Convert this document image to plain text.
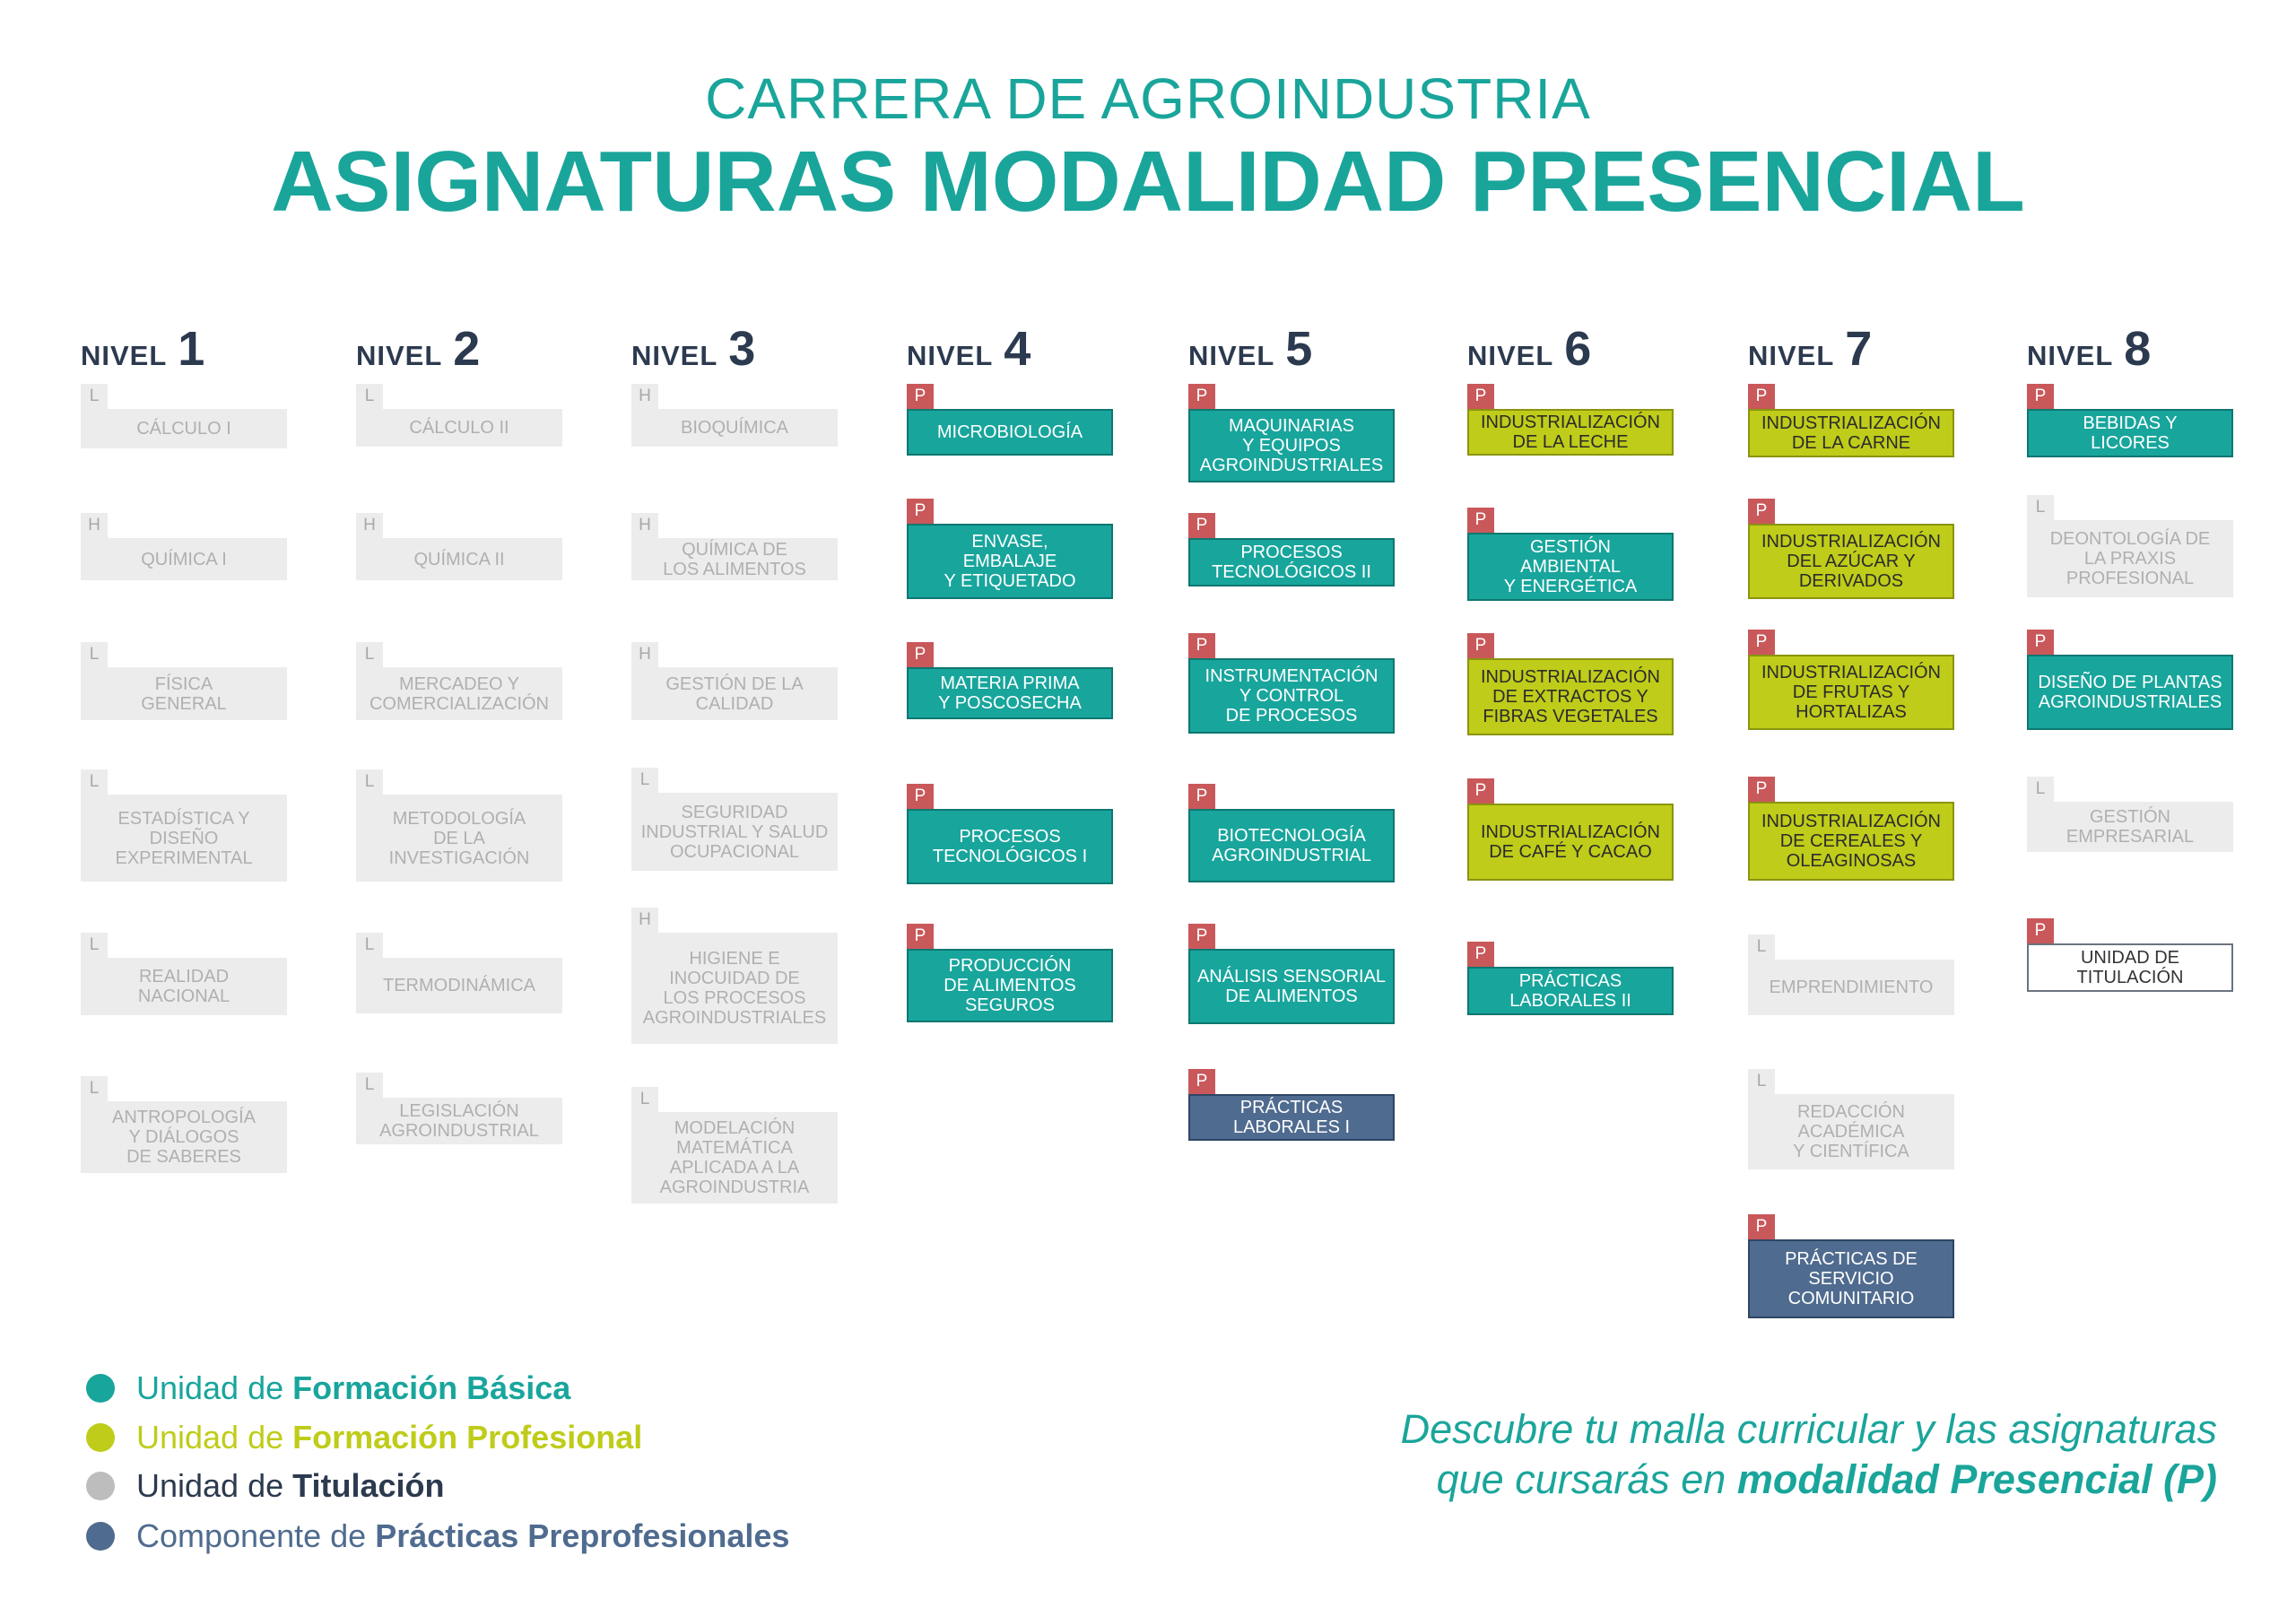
CARRERA DE AGROINDUSTRIA
ASIGNATURAS MODALIDAD PRESENCIAL
NIVEL 1
L
CÁLCULO I
H
QUÍMICA I
L
FÍSICA
GENERAL
L
ESTADÍSTICA Y
DISEÑO
EXPERIMENTAL
L
REALIDAD
NACIONAL
L
ANTROPOLOGÍA
Y DIÁLOGOS
DE SABERES
NIVEL 2
L
CÁLCULO II
H
QUÍMICA II
L
MERCADEO Y
COMERCIALIZACIÓN
L
METODOLOGÍA
DE LA
INVESTIGACIÓN
L
TERMODINÁMICA
L
LEGISLACIÓN
AGROINDUSTRIAL
NIVEL 3
H
BIOQUÍMICA
H
QUÍMICA DE
LOS ALIMENTOS
H
GESTIÓN DE LA
CALIDAD
L
SEGURIDAD
INDUSTRIAL Y SALUD
OCUPACIONAL
H
HIGIENE E
INOCUIDAD DE
LOS PROCESOS
AGROINDUSTRIALES
L
MODELACIÓN
MATEMÁTICA
APLICADA A LA
AGROINDUSTRIA
NIVEL 4
P
MICROBIOLOGÍA
P
ENVASE,
EMBALAJE
Y ETIQUETADO
P
MATERIA PRIMA
Y POSCOSECHA
P
PROCESOS
TECNOLÓGICOS I
P
PRODUCCIÓN
DE ALIMENTOS
SEGUROS
NIVEL 5
P
MAQUINARIAS
Y EQUIPOS
AGROINDUSTRIALES
P
PROCESOS
TECNOLÓGICOS II
P
INSTRUMENTACIÓN
Y CONTROL
DE PROCESOS
P
BIOTECNOLOGÍA
AGROINDUSTRIAL
P
ANÁLISIS SENSORIAL
DE ALIMENTOS
P
PRÁCTICAS
LABORALES I
NIVEL 6
P
INDUSTRIALIZACIÓN
DE LA LECHE
P
GESTIÓN
AMBIENTAL
Y ENERGÉTICA
P
INDUSTRIALIZACIÓN
DE EXTRACTOS Y
FIBRAS VEGETALES
P
INDUSTRIALIZACIÓN
DE CAFÉ Y CACAO
P
PRÁCTICAS
LABORALES II
NIVEL 7
P
INDUSTRIALIZACIÓN
DE LA CARNE
P
INDUSTRIALIZACIÓN
DEL AZÚCAR Y
DERIVADOS
P
INDUSTRIALIZACIÓN
DE FRUTAS Y
HORTALIZAS
P
INDUSTRIALIZACIÓN
DE CEREALES Y
OLEAGINOSAS
L
EMPRENDIMIENTO
L
REDACCIÓN
ACADÉMICA
Y CIENTÍFICA
P
PRÁCTICAS DE
SERVICIO
COMUNITARIO
NIVEL 8
P
BEBIDAS Y
LICORES
L
DEONTOLOGÍA DE
LA PRAXIS
PROFESIONAL
P
DISEÑO DE PLANTAS
AGROINDUSTRIALES
L
GESTIÓN
EMPRESARIAL
P
UNIDAD DE
TITULACIÓN
Unidad de Formación Básica
Unidad de Formación Profesional
Unidad de Titulación
Componente de Prácticas Preprofesionales
Descubre tu malla curricular y las asignaturas
que cursarás en modalidad Presencial (P)
